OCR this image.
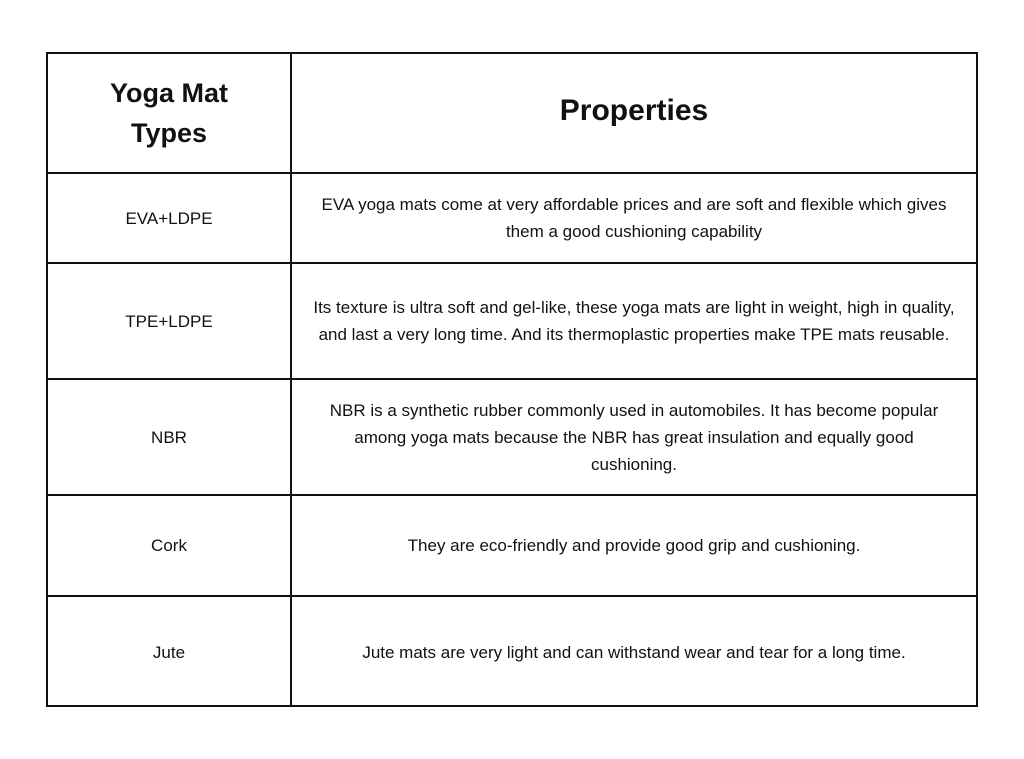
Yoga Mat Types	Properties
EVA+LDPE	EVA yoga mats come at very affordable prices and are soft and flexible which gives them a good cushioning capability
TPE+LDPE	Its texture is ultra soft and gel-like, these yoga mats are light in weight, high in quality, and last a very long time. And its thermoplastic properties make TPE mats reusable.
NBR	NBR is a synthetic rubber commonly used in automobiles. It has become popular among yoga mats because the NBR has great insulation and equally good cushioning.
Cork	They are eco-friendly and provide good grip and cushioning.
Jute	Jute mats are very light and can withstand wear and tear for a long time.
